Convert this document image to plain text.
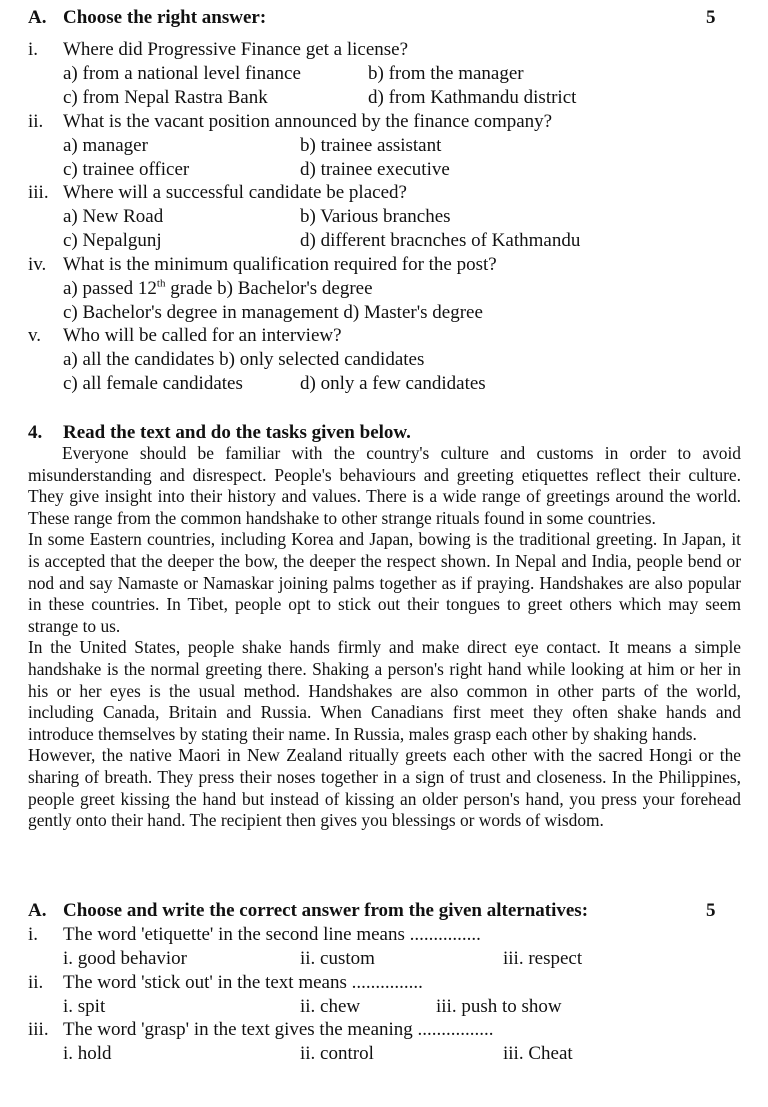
A. Choose the right answer:	5
i. Where did Progressive Finance get a license?
a) from a national level finance	b) from the manager
c) from Nepal Rastra Bank	d) from Kathmandu district
ii. What is the vacant position announced by the finance company?
a) manager	b) trainee assistant
c) trainee officer	d) trainee executive
iii. Where will a successful candidate be placed?
a) New Road	b) Various branches
c) Nepalgunj	d) different bracnches of Kathmandu
iv. What is the minimum qualification required for the post?
a) passed 12th grade b) Bachelor's degree
c) Bachelor's degree in management d) Master's degree
v. Who will be called for an interview?
a) all the candidates b) only selected candidates
c) all female candidates	d) only a few candidates
4. Read the text and do the tasks given below.
Everyone should be familiar with the country's culture and customs in order to avoid misunderstanding and disrespect. People's behaviours and greeting etiquettes reflect their culture. They give insight into their history and values. There is a wide range of greetings around the world. These range from the common handshake to other strange rituals found in some countries.
In some Eastern countries, including Korea and Japan, bowing is the traditional greeting. In Japan, it is accepted that the deeper the bow, the deeper the respect shown. In Nepal and India, people bend or nod and say Namaste or Namaskar joining palms together as if praying. Handshakes are also popular in these countries. In Tibet, people opt to stick out their tongues to greet others which may seem strange to us.
In the United States, people shake hands firmly and make direct eye contact. It means a simple handshake is the normal greeting there. Shaking a person's right hand while looking at him or her in his or her eyes is the usual method. Handshakes are also common in other parts of the world, including Canada, Britain and Russia. When Canadians first meet they often shake hands and introduce themselves by stating their name. In Russia, males grasp each other by shaking hands.
However, the native Maori in New Zealand ritually greets each other with the sacred Hongi or the sharing of breath. They press their noses together in a sign of trust and closeness. In the Philippines, people greet kissing the hand but instead of kissing an older person's hand, you press your forehead gently onto their hand. The recipient then gives you blessings or words of wisdom.
A. Choose and write the correct answer from the given alternatives:	5
i. The word 'etiquette' in the second line means ...............
i. good behavior	ii. custom	iii. respect
ii. The word 'stick out' in the text means ...............
i. spit	ii. chew	iii. push to show
iii. The word 'grasp' in the text gives the meaning ................
i. hold	ii. control	iii. Cheat
